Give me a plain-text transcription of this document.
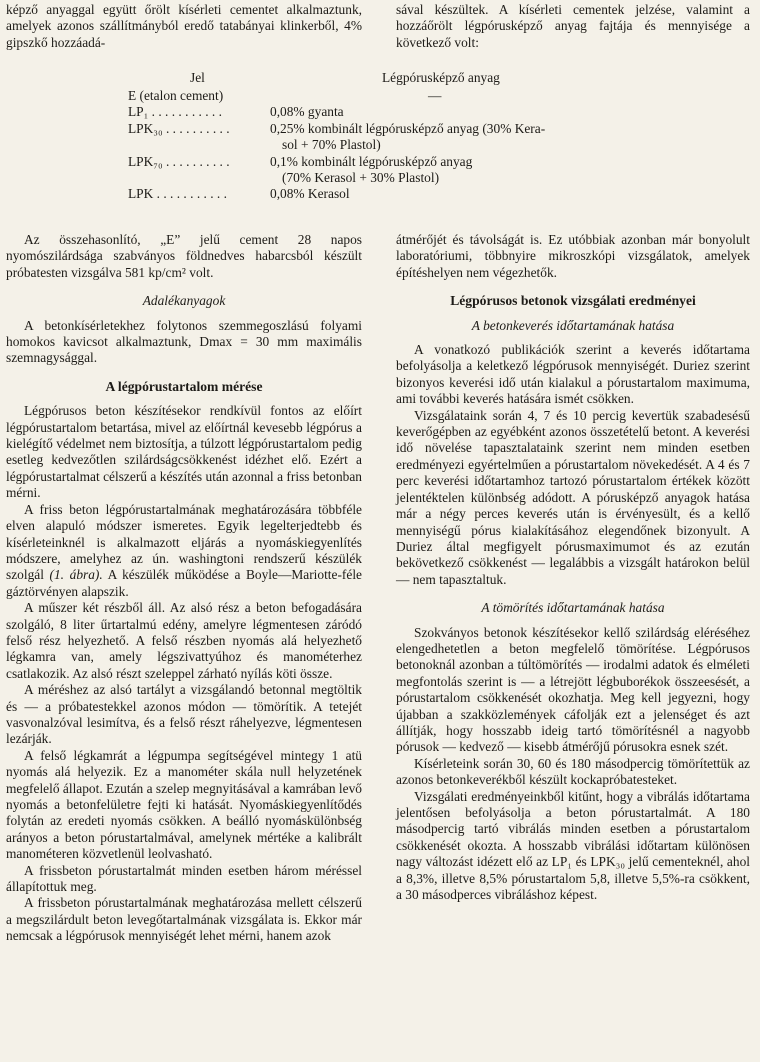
képző anyaggal együtt őrölt kísérleti cementet alkalmaztunk, amelyek azonos szállítmányból eredő tatabányai klinkerből, 4% gipszkő hozzáadá-

sával készültek. A kísérleti cementek jelzése, valamint a hozzáőrölt légpórusképző anyag fajtája és mennyisége a következő volt:

Jel	Légpórusképző anyag
E (etalon cement)	—
LP₁ . . . . . . . . . . .	0,08% gyanta
LPK₃₀ . . . . . . . . . .	0,25% kombinált légpórusképző anyag (30% Kera-
sol + 70% Plastol)
LPK₇₀ . . . . . . . . . .	0,1% kombinált légpórusképző anyag
(70% Kerasol + 30% Plastol)
LPK . . . . . . . . . . .	0,08% Kerasol

Az összehasonlító, „E” jelű cement 28 napos nyomószilárdsága szabványos földnedves habarcsból készült próbatesten vizsgálva 581 kp/cm² volt.

Adalékanyagok

A betonkísérletekhez folytonos szemmegoszlású folyami homokos kavicsot alkalmaztunk, Dmax = 30 mm maximális szemnagysággal.

A légpórustartalom mérése

Légpórusos beton készítésekor rendkívül fontos az előírt légpórustartalom betartása, mivel az előírtnál kevesebb légpórus a kielégítő védelmet nem biztosítja, a túlzott légpórustartalom pedig esetleg kedvezőtlen szilárdságcsökkenést idézhet elő. Ezért a légpórustartalmat célszerű a készítés után azonnal a friss betonban mérni.

A friss beton légpórustartalmának meghatározására többféle elven alapuló módszer ismeretes. Egyik legelterjedtebb és kísérleteinknél is alkalmazott eljárás a nyomáskiegyenlítés módszere, amelyhez az ún. washingtoni rendszerű készülék szolgál (1. ábra). A készülék működése a Boyle—Mariotte-féle gáztörvényen alapszik.

A műszer két részből áll. Az alsó rész a beton befogadására szolgáló, 8 liter űrtartalmú edény, amelyre légmentesen záródó felső rész helyezhető. A felső részben nyomás alá helyezhető légkamra van, amely légszivattyúhoz és manométerhez csatlakozik. Az alsó részt szeleppel zárható nyílás köti össze.

A méréshez az alsó tartályt a vizsgálandó betonnal megtöltik és — a próbatestekkel azonos módon — tömörítik. A tetejét vasvonalzóval lesimítva, és a felső részt ráhelyezve, légmentesen lezárják.

A felső légkamrát a légpumpa segítségével mintegy 1 atü nyomás alá helyezik. Ez a manométer skála null helyzetének megfelelő állapot. Ezután a szelep megnyitásával a kamrában levő nyomás a betonfelületre fejti ki hatását. Nyomáskiegyenlítődés folytán az eredeti nyomás csökken. A beálló nyomáskülönbség arányos a beton pórustartalmával, amelynek mértéke a kalibrált manométeren közvetlenül leolvasható.

A frissbeton pórustartalmát minden esetben három méréssel állapítottuk meg.

A frissbeton pórustartalmának meghatározása mellett célszerű a megszilárdult beton levegőtartalmának vizsgálata is. Ekkor már nemcsak a légpórusok mennyiségét lehet mérni, hanem azok

átmérőjét és távolságát is. Ez utóbbiak azonban már bonyolult laboratóriumi, többnyire mikroszkópi vizsgálatok, amelyek építéshelyen nem végezhetők.

Légpórusos betonok vizsgálati eredményei
A betonkeverés időtartamának hatása

A vonatkozó publikációk szerint a keverés időtartama befolyásolja a keletkező légpórusok mennyiségét. Duriez szerint bizonyos keverési idő után kialakul a pórustartalom maximuma, ami további keverés hatására ismét csökken.

Vizsgálataink során 4, 7 és 10 percig kevertük szabadesésű keverőgépben az egyébként azonos összetételű betont. A keverési idő növelése tapasztalataink szerint nem minden esetben eredményezi egyértelműen a pórustartalom növekedését. A 4 és 7 perc keverési időtartamhoz tartozó pórustartalom értékek között jelentéktelen különbség adódott. A pórusképző anyagok hatása már a négy perces keverés után is érvényesült, és a kellő mennyiségű pórus kialakításához elegendőnek bizonyult. A Duriez által megfigyelt pórusmaximumot és az ezután bekövetkező csökkenést — legalábbis a vizsgált határokon belül — nem tapasztaltuk.

A tömörítés időtartamának hatása

Szokványos betonok készítésekor kellő szilárdság eléréséhez elengedhetetlen a beton megfelelő tömörítése. Légpórusos betonoknál azonban a túltömörítés — irodalmi adatok és elméleti megfontolás szerint is — a létrejött légbuborékok összeesését, a pórustartalom csökkenését okozhatja. Meg kell jegyezni, hogy újabban a szakközlemények cáfolják ezt a jelenséget és azt állítják, hogy hosszabb ideig tartó tömörítésnél a nagyobb pórusok — kedvező — kisebb átmérőjű pórusokra esnek szét.

Kísérleteink során 30, 60 és 180 másodpercig tömörítettük az azonos betonkeverékből készült kockapróbatesteket.

Vizsgálati eredményeinkből kitűnt, hogy a vibrálás időtartama jelentősen befolyásolja a beton pórustartalmát. A 180 másodpercig tartó vibrálás minden esetben a pórustartalom csökkenését okozta. A hosszabb vibrálási időtartam különösen nagy változást idézett elő az LP₁ és LPK₃₀ jelű cementeknél, ahol a 8,3%, illetve 8,5% pórustartalom 5,8, illetve 5,5%-ra csökkent, a 30 másodperces vibráláshoz képest.
